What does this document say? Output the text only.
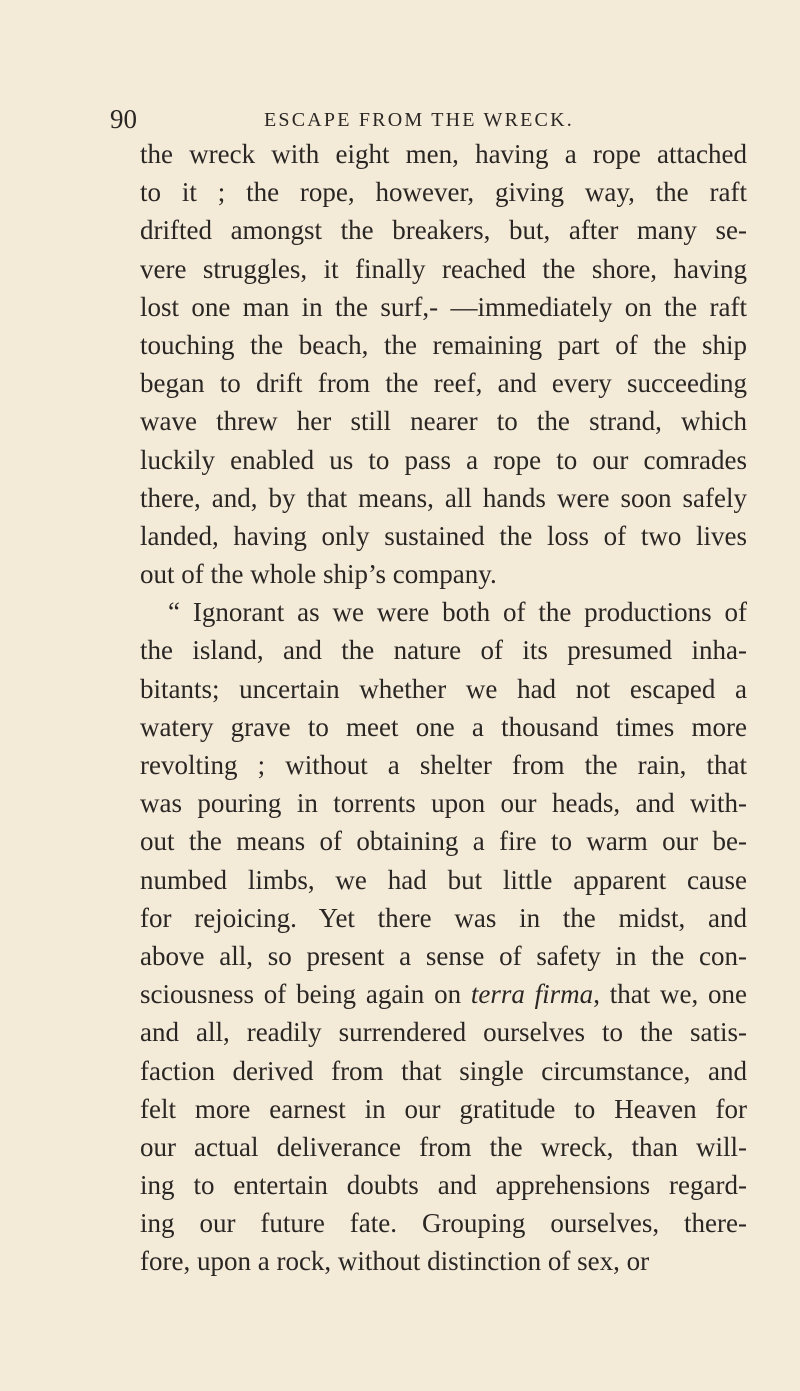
90	ESCAPE FROM THE WRECK.
the wreck with eight men, having a rope attached
to it ; the rope, however, giving way, the raft
drifted amongst the breakers, but, after many se-
vere struggles, it finally reached the shore, having
lost one man in the surf,- —immediately on the raft
touching the beach, the remaining part of the ship
began to drift from the reef, and every succeeding
wave threw her still nearer to the strand, which
luckily enabled us to pass a rope to our comrades
there, and, by that means, all hands were soon safely
landed, having only sustained the loss of two lives
out of the whole ship’s company.
“ Ignorant as we were both of the productions of
the island, and the nature of its presumed inha-
bitants; uncertain whether we had not escaped a
watery grave to meet one a thousand times more
revolting ; without a shelter from the rain, that
was pouring in torrents upon our heads, and with-
out the means of obtaining a fire to warm our be-
numbed limbs, we had but little apparent cause
for rejoicing. Yet there was in the midst, and
above all, so present a sense of safety in the con-
sciousness of being again on terra firma, that we, one
and all, readily surrendered ourselves to the satis-
faction derived from that single circumstance, and
felt more earnest in our gratitude to Heaven for
our actual deliverance from the wreck, than will-
ing to entertain doubts and apprehensions regard-
ing our future fate. Grouping ourselves, there-
fore, upon a rock, without distinction of sex, or
